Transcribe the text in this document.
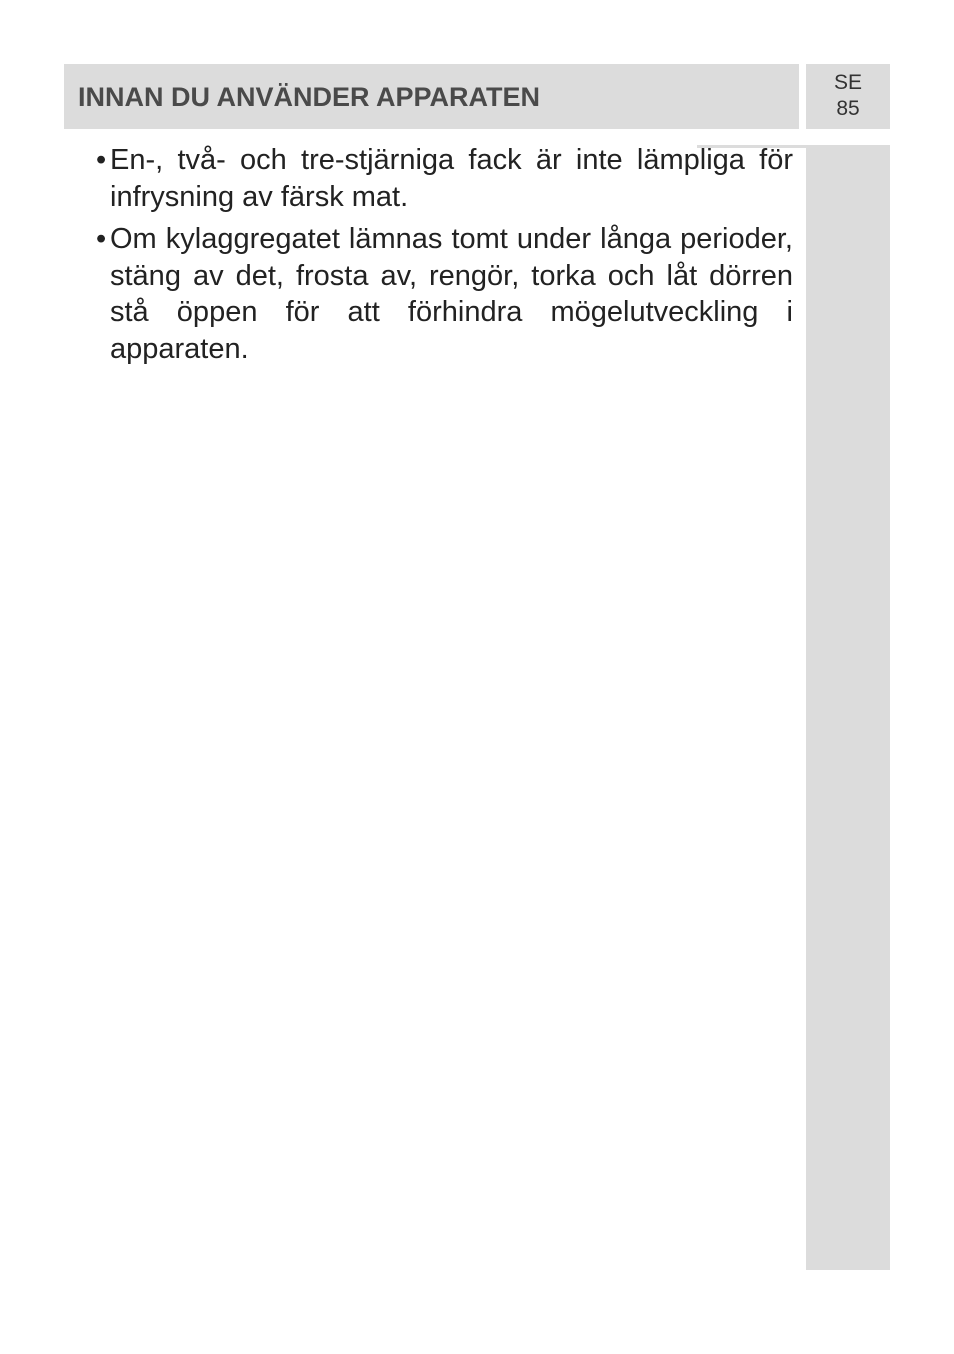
INNAN DU ANVÄNDER APPARATEN	SE
85
• En-, två- och tre-stjärniga fack är inte lämpliga för infrysning av färsk mat.
• Om kylaggregatet lämnas tomt under långa perioder, stäng av det, frosta av, rengör, torka och låt dörren stå öppen för att förhindra mögelutveckling i apparaten.
